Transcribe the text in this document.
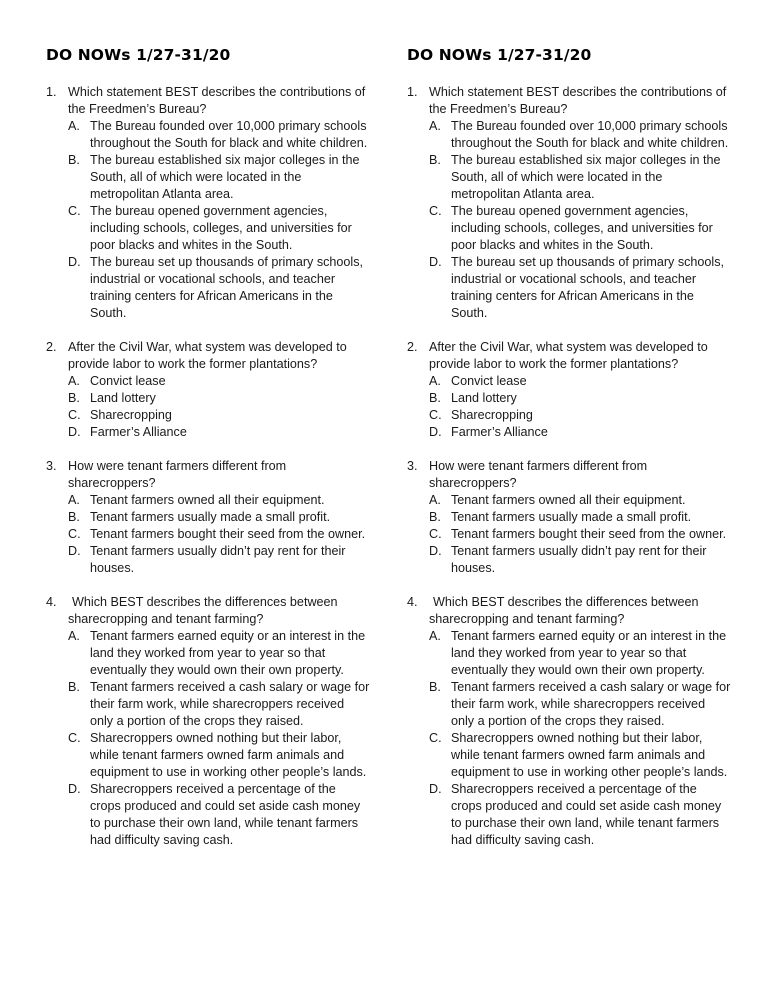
DO NOWs 1/27-31/20
1. Which statement BEST describes the contributions of the Freedmen’s Bureau?
A. The Bureau founded over 10,000 primary schools throughout the South for black and white children.
B. The bureau established six major colleges in the South, all of which were located in the metropolitan Atlanta area.
C. The bureau opened government agencies, including schools, colleges, and universities for poor blacks and whites in the South.
D. The bureau set up thousands of primary schools, industrial or vocational schools, and teacher training centers for African Americans in the South.
2. After the Civil War, what system was developed to provide labor to work the former plantations?
A. Convict lease
B. Land lottery
C. Sharecropping
D. Farmer’s Alliance
3. How were tenant farmers different from sharecroppers?
A. Tenant farmers owned all their equipment.
B. Tenant farmers usually made a small profit.
C. Tenant farmers bought their seed from the owner.
D. Tenant farmers usually didn’t pay rent for their houses.
4.	Which BEST describes the differences between sharecropping and tenant farming?
A. Tenant farmers earned equity or an interest in the land they worked from year to year so that eventually they would own their own property.
B. Tenant farmers received a cash salary or wage for their farm work, while sharecroppers received only a portion of the crops they raised.
C. Sharecroppers owned nothing but their labor, while tenant farmers owned farm animals and equipment to use in working other people’s lands.
D. Sharecroppers received a percentage of the crops produced and could set aside cash money to purchase their own land, while tenant farmers had difficulty saving cash.
DO NOWs 1/27-31/20
1. Which statement BEST describes the contributions of the Freedmen’s Bureau?
A. The Bureau founded over 10,000 primary schools throughout the South for black and white children.
B. The bureau established six major colleges in the South, all of which were located in the metropolitan Atlanta area.
C. The bureau opened government agencies, including schools, colleges, and universities for poor blacks and whites in the South.
D. The bureau set up thousands of primary schools, industrial or vocational schools, and teacher training centers for African Americans in the South.
2. After the Civil War, what system was developed to provide labor to work the former plantations?
A. Convict lease
B. Land lottery
C. Sharecropping
D. Farmer’s Alliance
3. How were tenant farmers different from sharecroppers?
A. Tenant farmers owned all their equipment.
B. Tenant farmers usually made a small profit.
C. Tenant farmers bought their seed from the owner.
D. Tenant farmers usually didn’t pay rent for their houses.
4.	Which BEST describes the differences between sharecropping and tenant farming?
A. Tenant farmers earned equity or an interest in the land they worked from year to year so that eventually they would own their own property.
B. Tenant farmers received a cash salary or wage for their farm work, while sharecroppers received only a portion of the crops they raised.
C. Sharecroppers owned nothing but their labor, while tenant farmers owned farm animals and equipment to use in working other people’s lands.
D. Sharecroppers received a percentage of the crops produced and could set aside cash money to purchase their own land, while tenant farmers had difficulty saving cash.
